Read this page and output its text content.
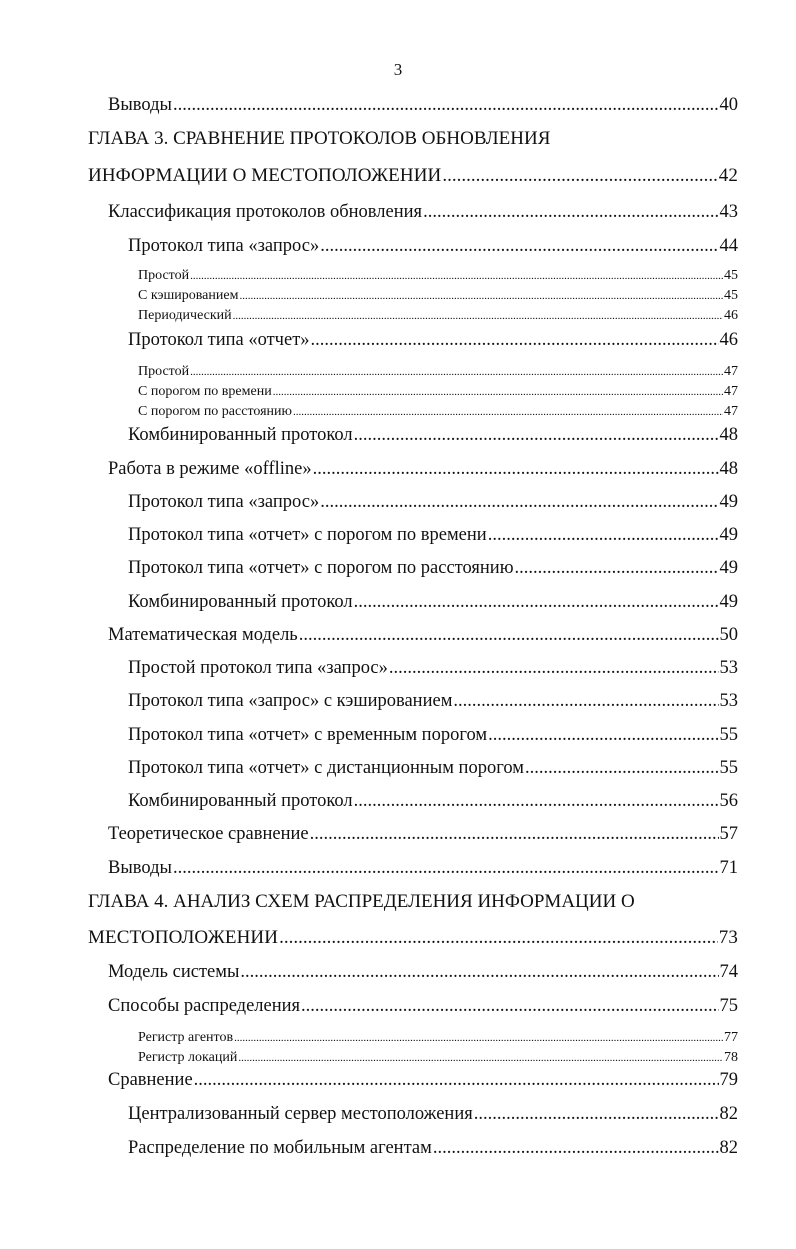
3
Выводы .....	40
ГЛАВА 3. СРАВНЕНИЕ ПРОТОКОЛОВ ОБНОВЛЕНИЯ
ИНФОРМАЦИИ О МЕСТОПОЛОЖЕНИИ .....	42
Классификация протоколов обновления .....	43
Протокол типа «запрос» .....	44
Простой .....	45
С кэшированием .....	45
Периодический .....	46
Протокол типа «отчет» .....	46
Простой .....	47
С порогом по времени .....	47
С порогом по расстоянию .....	47
Комбинированный протокол .....	48
Работа в режиме «offline» .....	48
Протокол типа «запрос» .....	49
Протокол типа «отчет» с порогом по времени .....	49
Протокол типа «отчет» с порогом по расстоянию .....	49
Комбинированный протокол .....	49
Математическая модель .....	50
Простой протокол типа «запрос» .....	53
Протокол типа «запрос» с кэшированием .....	53
Протокол типа «отчет» с временным порогом .....	55
Протокол типа «отчет» с дистанционным порогом .....	55
Комбинированный протокол .....	56
Теоретическое сравнение .....	57
Выводы .....	71
ГЛАВА 4. АНАЛИЗ СХЕМ РАСПРЕДЕЛЕНИЯ ИНФОРМАЦИИ О
МЕСТОПОЛОЖЕНИИ .....	73
Модель системы .....	74
Способы распределения .....	75
Регистр агентов .....	77
Регистр локаций .....	78
Сравнение .....	79
Централизованный сервер местоположения .....	82
Распределение по мобильным агентам .....	82
